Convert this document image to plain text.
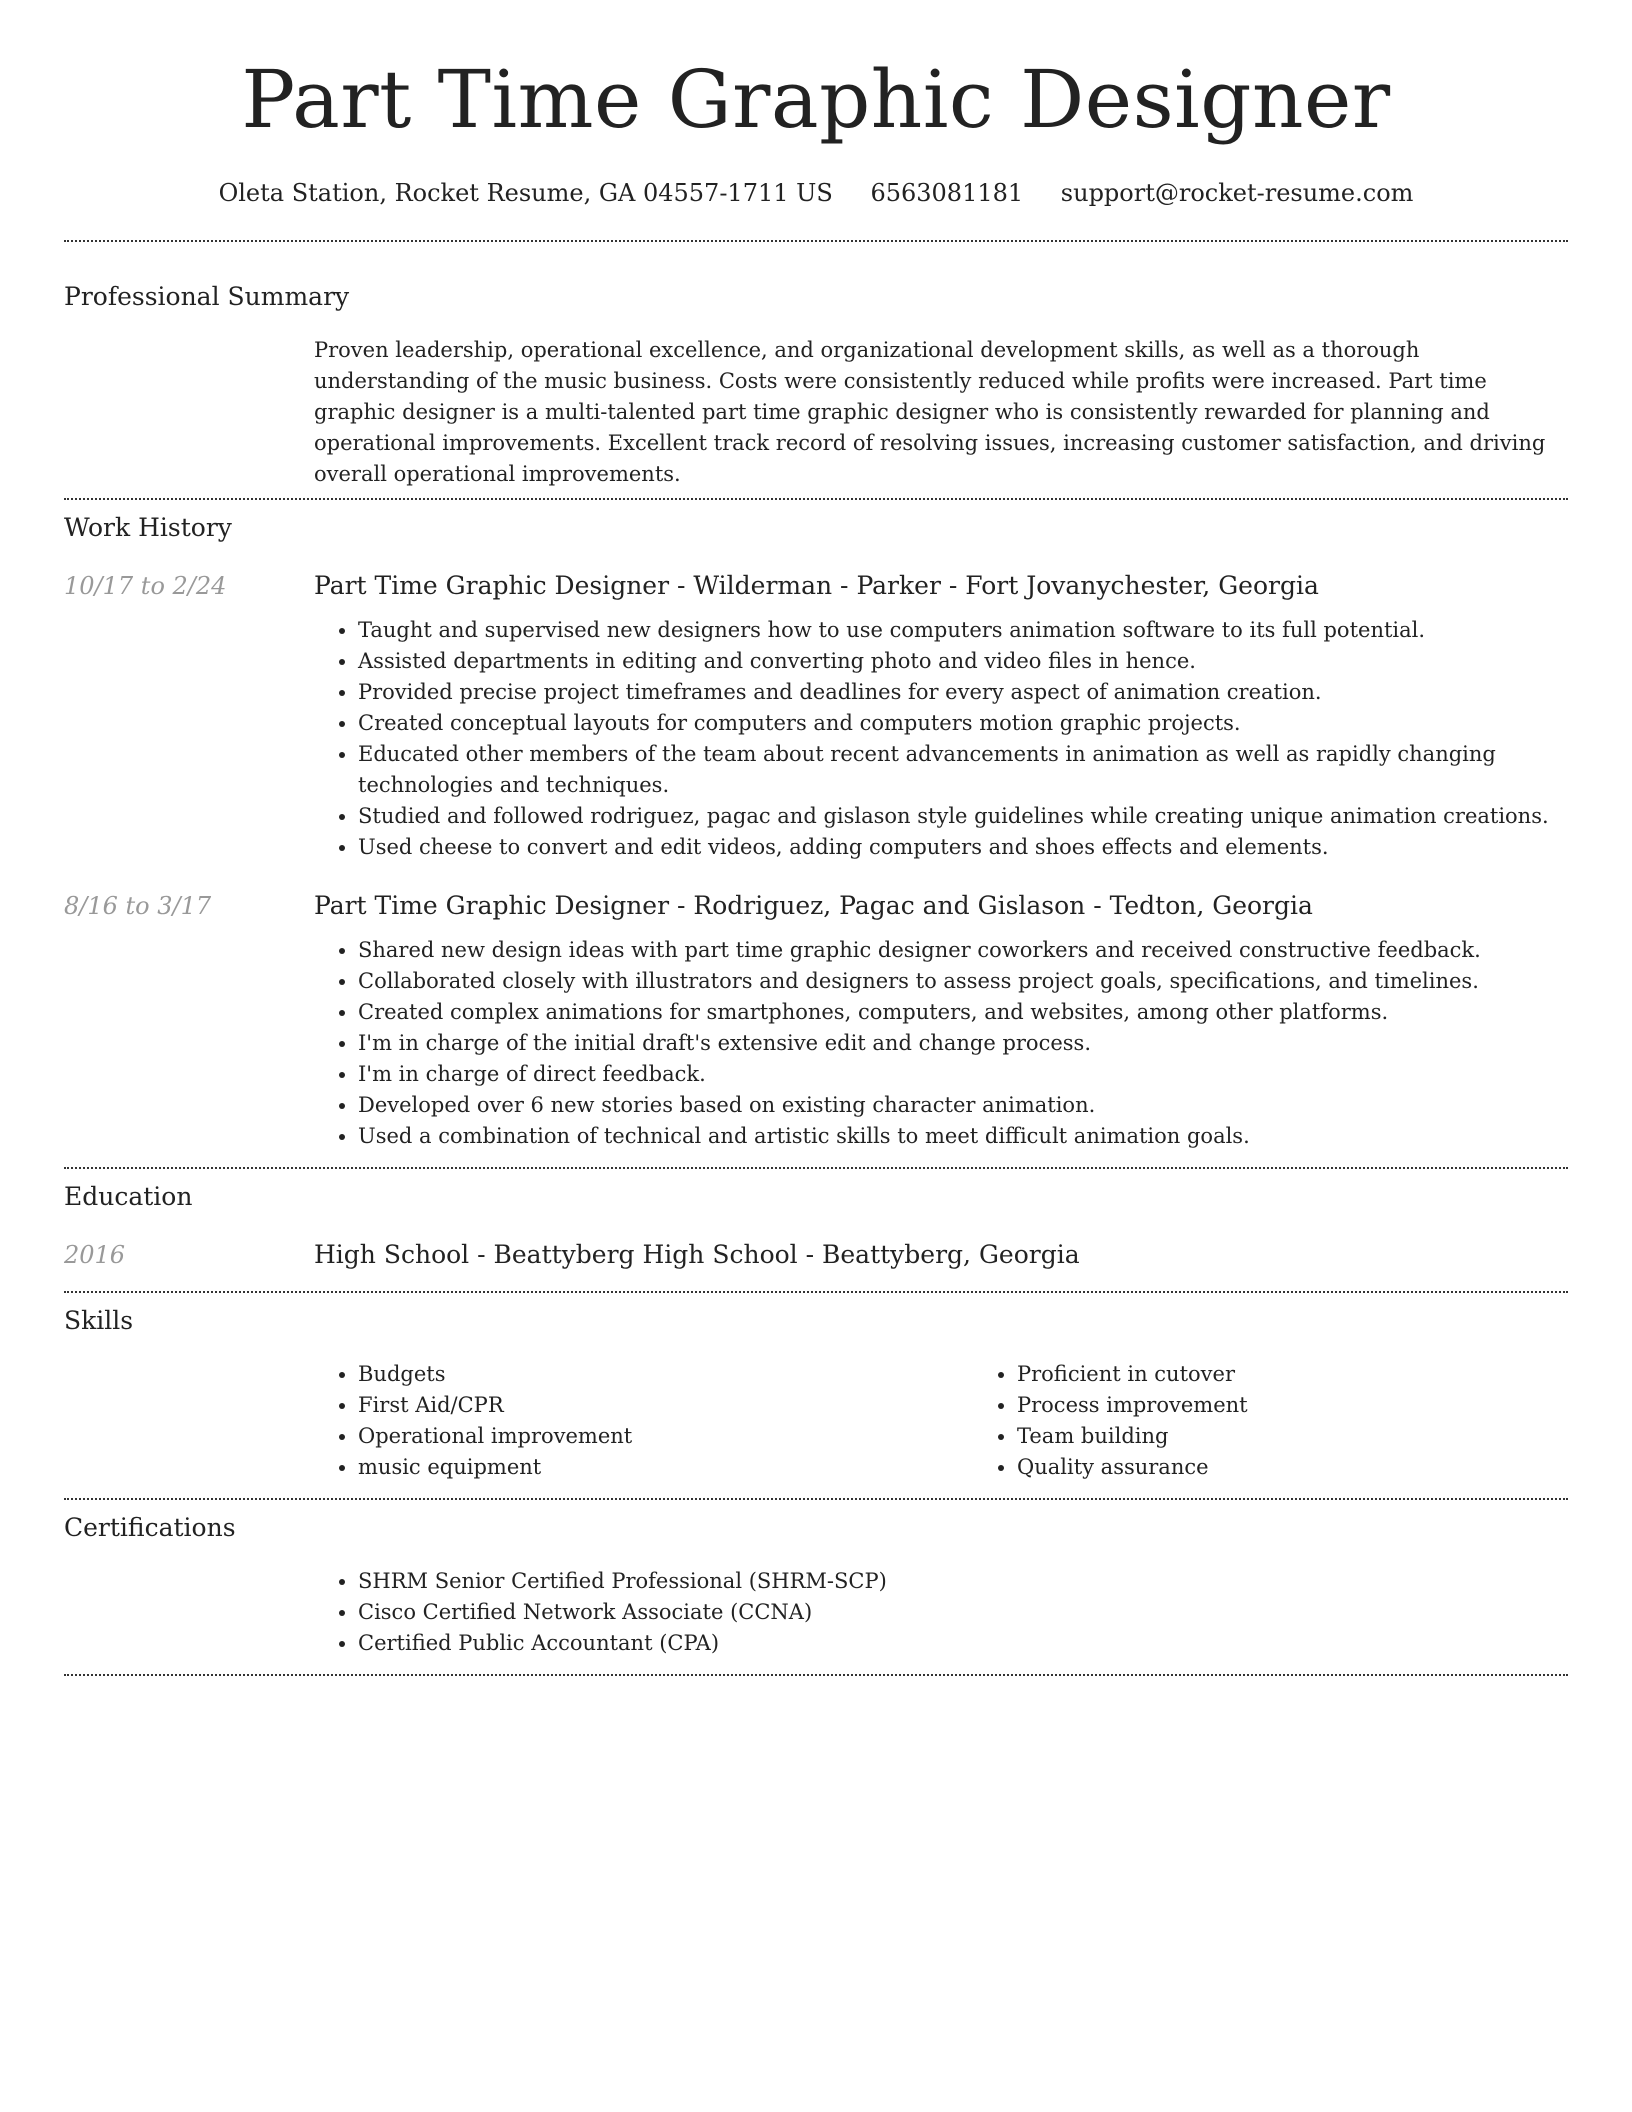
Part Time Graphic Designer
Oleta Station, Rocket Resume, GA 04557-1711 US 6563081181 support@rocket-resume.com
Professional Summary

Proven leadership, operational excellence, and organizational development skills, as well as a thorough understanding of the music business. Costs were consistently reduced while profits were increased. Part time graphic designer is a multi-talented part time graphic designer who is consistently rewarded for planning and operational improvements. Excellent track record of resolving issues, increasing customer satisfaction, and driving overall operational improvements.

Work History
10/17 to 2/24	Part Time Graphic Designer - Wilderman - Parker - Fort Jovanychester, Georgia
• Taught and supervised new designers how to use computers animation software to its full potential.
• Assisted departments in editing and converting photo and video files in hence.
• Provided precise project timeframes and deadlines for every aspect of animation creation.
• Created conceptual layouts for computers and computers motion graphic projects.
• Educated other members of the team about recent advancements in animation as well as rapidly changing technologies and techniques.
• Studied and followed rodriguez, pagac and gislason style guidelines while creating unique animation creations.
• Used cheese to convert and edit videos, adding computers and shoes effects and elements.
8/16 to 3/17	Part Time Graphic Designer - Rodriguez, Pagac and Gislason - Tedton, Georgia
• Shared new design ideas with part time graphic designer coworkers and received constructive feedback.
• Collaborated closely with illustrators and designers to assess project goals, specifications, and timelines.
• Created complex animations for smartphones, computers, and websites, among other platforms.
• I'm in charge of the initial draft's extensive edit and change process.
• I'm in charge of direct feedback.
• Developed over 6 new stories based on existing character animation.
• Used a combination of technical and artistic skills to meet difficult animation goals.
Education
2016	High School - Beattyberg High School - Beattyberg, Georgia
Skills
• Budgets
• First Aid/CPR
• Operational improvement
• music equipment
• Proficient in cutover
• Process improvement
• Team building
• Quality assurance
Certifications
• SHRM Senior Certified Professional (SHRM-SCP)
• Cisco Certified Network Associate (CCNA)
• Certified Public Accountant (CPA)
